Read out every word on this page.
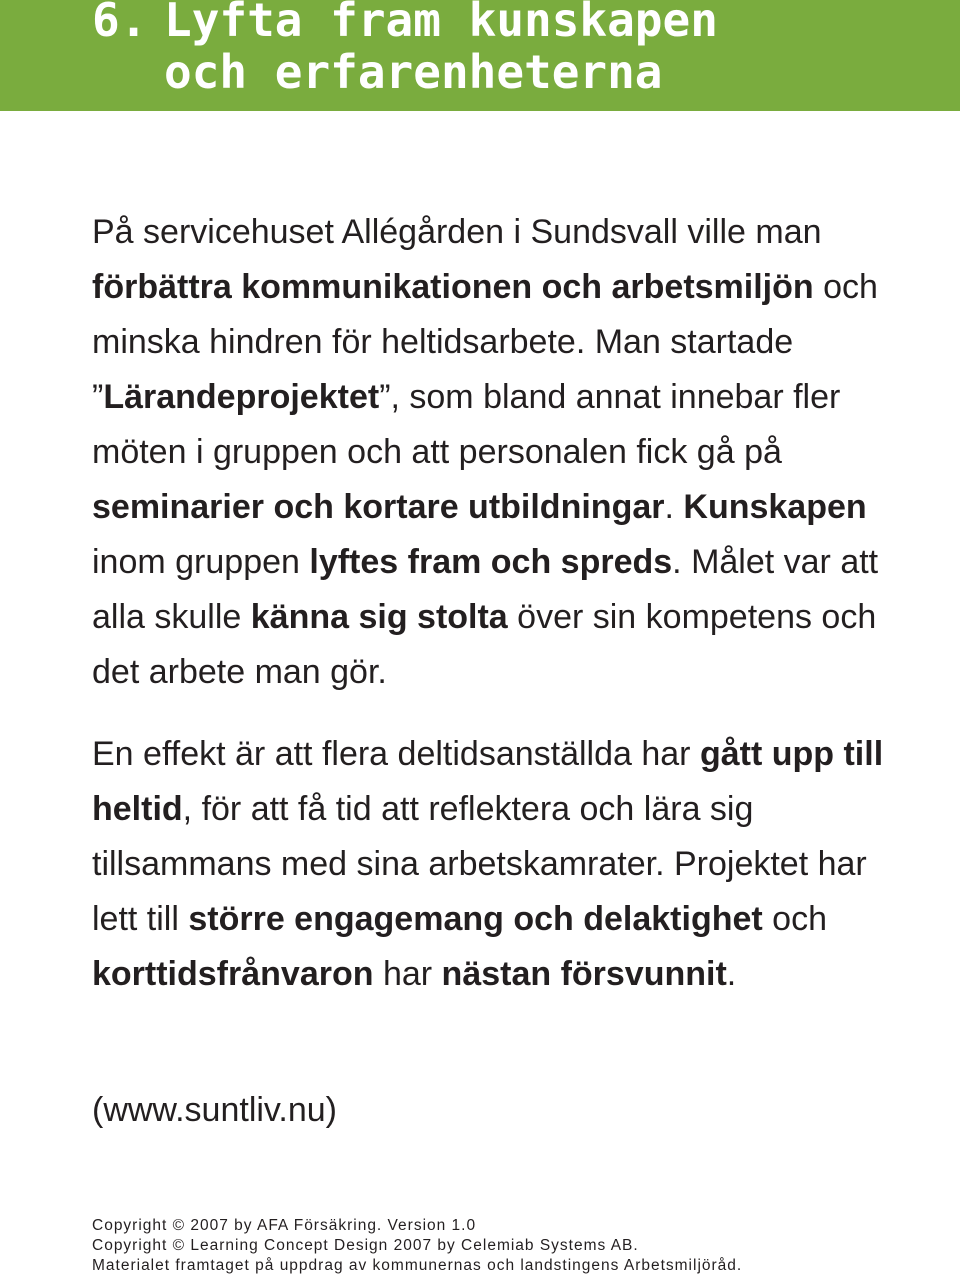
6. Lyfta fram kunskapen
och erfarenheterna

På servicehuset Allégården i Sundsvall ville man förbättra kommunikationen och arbetsmiljön och minska hindren för heltidsarbete. Man startade ”Lärandeprojektet”, som bland annat innebar fler möten i gruppen och att personalen fick gå på seminarier och kortare utbildningar. Kunskapen inom gruppen lyftes fram och spreds. Målet var att alla skulle känna sig stolta över sin kompetens och det arbete man gör.

En effekt är att flera deltidsanställda har gått upp till heltid, för att få tid att reflektera och lära sig tillsammans med sina arbetskamrater. Projektet har lett till större engagemang och delaktighet och korttidsfrånvaron har nästan försvunnit.

(www.suntliv.nu)

Copyright © 2007 by AFA Försäkring. Version 1.0
Copyright © Learning Concept Design 2007 by Celemiab Systems AB.
Materialet framtaget på uppdrag av kommunernas och landstingens Arbetsmiljöråd.
